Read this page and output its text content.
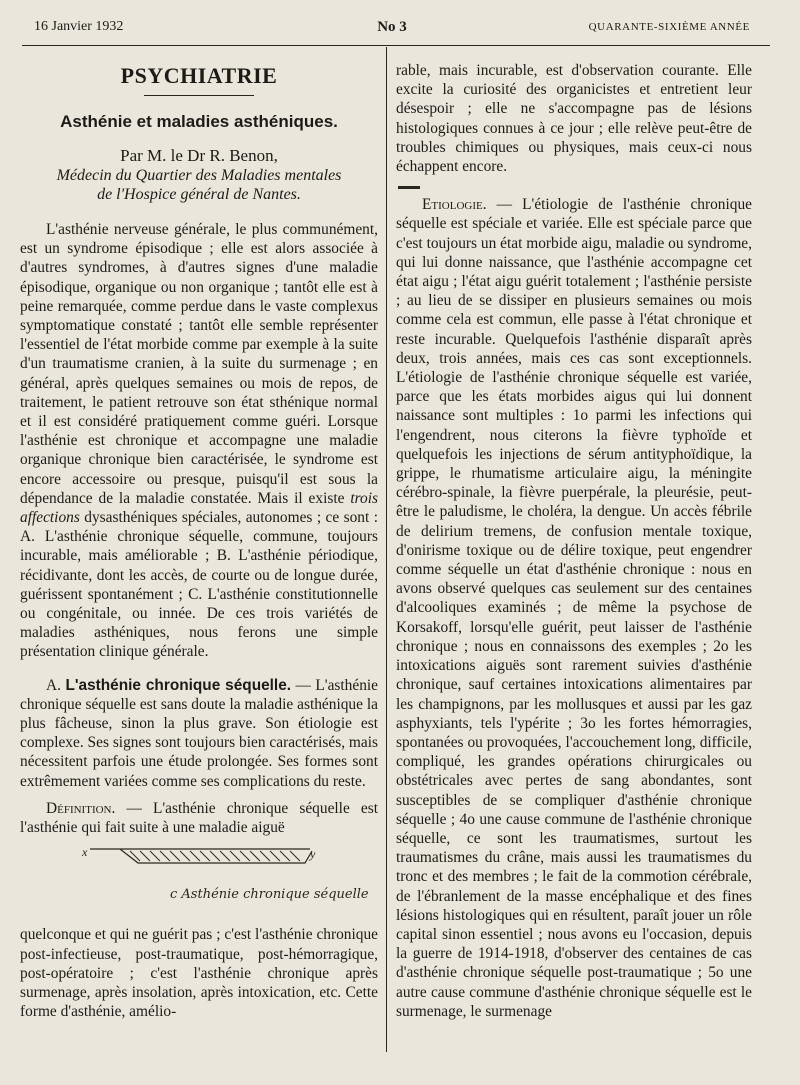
16 Janvier 1932	No 3	QUARANTE-SIXIÈME ANNÉE
PSYCHIATRIE
Asthénie et maladies asthéniques.

Par M. le Dr R. Benon,

Médecin du Quartier des Maladies mentales

de l'Hospice général de Nantes.

L'asthénie nerveuse générale, le plus communément, est un syndrome épisodique ; elle est alors associée à d'autres syndromes, à d'autres signes d'une maladie épisodique, organique ou non organique ; tantôt elle est à peine remarquée, comme perdue dans le vaste complexus symptomatique constaté ; tantôt elle semble représenter l'essentiel de l'état morbide comme par exemple à la suite d'un traumatisme cranien, à la suite du surmenage ; en général, après quelques semaines ou mois de repos, de traitement, le patient retrouve son état sthénique normal et il est considéré pratiquement comme guéri. Lorsque l'asthénie est chronique et accompagne une maladie organique chronique bien caractérisée, le syndrome est encore accessoire ou presque, puisqu'il est sous la dépendance de la maladie constatée. Mais il existe trois affections dysasthéniques spéciales, autonomes ; ce sont : A. L'asthénie chronique séquelle, commune, toujours incurable, mais améliorable ; B. L'asthénie périodique, récidivante, dont les accès, de courte ou de longue durée, guérissent spontanément ; C. L'asthénie constitutionnelle ou congénitale, ou innée. De ces trois variétés de maladies asthéniques, nous ferons une simple présentation clinique générale.

A. L'asthénie chronique séquelle. — L'asthénie chronique séquelle est sans doute la maladie asthénique la plus fâcheuse, sinon la plus grave. Son étiologie est complexe. Ses signes sont toujours bien caractérisés, mais nécessitent parfois une étude prolongée. Ses formes sont extrêmement variées comme ses complications du reste.

Définition. — L'asthénie chronique séquelle est l'asthénie qui fait suite à une maladie aiguë

x	y
c Asthénie chronique séquelle

quelconque et qui ne guérit pas ; c'est l'asthénie chronique post-infectieuse, post-traumatique, post-hémorragique, post-opératoire ; c'est l'asthénie chronique après surmenage, après insolation, après intoxication, etc. Cette forme d'asthénie, amélio-

rable, mais incurable, est d'observation courante. Elle excite la curiosité des organicistes et entretient leur désespoir ; elle ne s'accompagne pas de lésions histologiques connues à ce jour ; elle relève peut-être de troubles chimiques ou physiques, mais ceux-ci nous échappent encore.

Etiologie. — L'étiologie de l'asthénie chronique séquelle est spéciale et variée. Elle est spéciale parce que c'est toujours un état morbide aigu, maladie ou syndrome, qui lui donne naissance, que l'asthénie accompagne cet état aigu ; l'état aigu guérit totalement ; l'asthénie persiste ; au lieu de se dissiper en plusieurs semaines ou mois comme cela est commun, elle passe à l'état chronique et reste incurable. Quelquefois l'asthénie disparaît après deux, trois années, mais ces cas sont exceptionnels. L'étiologie de l'asthénie chronique séquelle est variée, parce que les états morbides aigus qui lui donnent naissance sont multiples : 1o parmi les infections qui l'engendrent, nous citerons la fièvre typhoïde et quelquefois les injections de sérum antityphoïdique, la grippe, le rhumatisme articulaire aigu, la méningite cérébro-spinale, la fièvre puerpérale, la pleurésie, peut-être le paludisme, le choléra, la dengue. Un accès fébrile de delirium tremens, de confusion mentale toxique, d'onirisme toxique ou de délire toxique, peut engendrer comme séquelle un état d'asthénie chronique : nous en avons observé quelques cas seulement sur des centaines d'alcooliques examinés ; de même la psychose de Korsakoff, lorsqu'elle guérit, peut laisser de l'asthénie chronique ; nous en connaissons des exemples ; 2o les intoxications aiguës sont rarement suivies d'asthénie chronique, sauf certaines intoxications alimentaires par les champignons, par les mollusques et aussi par les gaz asphyxiants, tels l'ypérite ; 3o les fortes hémorragies, spontanées ou provoquées, l'accouchement long, difficile, compliqué, les grandes opérations chirurgicales ou obstétricales avec pertes de sang abondantes, sont susceptibles de se compliquer d'asthénie chronique séquelle ; 4o une cause commune de l'asthénie chronique séquelle, ce sont les traumatismes, surtout les traumatismes du crâne, mais aussi les traumatismes du tronc et des membres ; le fait de la commotion cérébrale, de l'ébranlement de la masse encéphalique et des fines lésions histologiques qui en résultent, paraît jouer un rôle capital sinon essentiel ; nous avons eu l'occasion, depuis la guerre de 1914-1918, d'observer des centaines de cas d'asthénie chronique séquelle post-traumatique ; 5o une autre cause commune d'asthénie chronique séquelle est le surmenage, le surmenage
